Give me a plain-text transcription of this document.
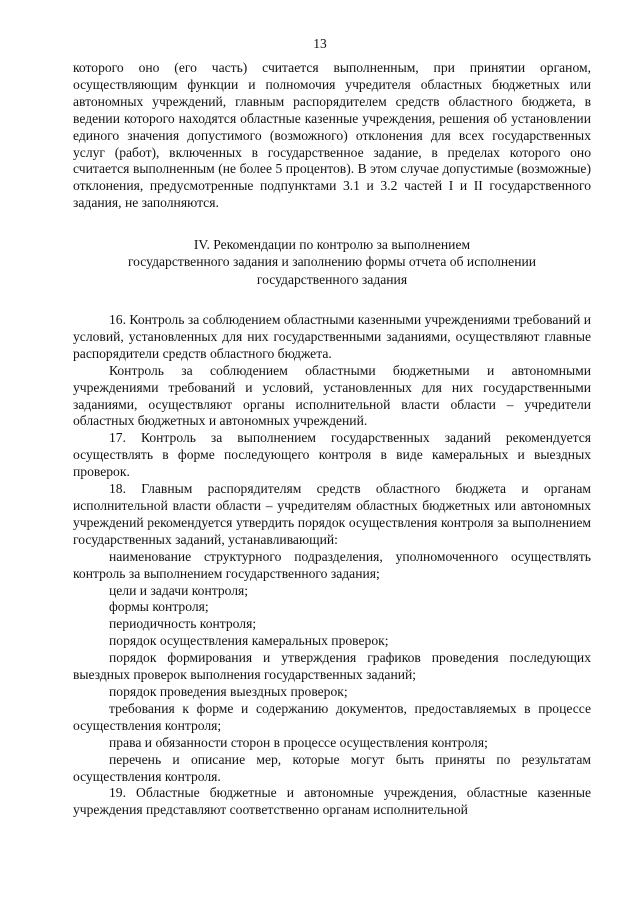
13

которого оно (его часть) считается выполненным, при принятии органом, осуществляющим функции и полномочия учредителя областных бюджетных или автономных учреждений, главным распорядителем средств областного бюджета, в ведении которого находятся областные казенные учреждения, решения об установлении единого значения допустимого (возможного) отклонения для всех государственных услуг (работ), включенных в государственное задание, в пределах которого оно считается выполненным (не более 5 процентов). В этом случае допустимые (возможные) отклонения, предусмотренные подпунктами 3.1 и 3.2 частей I и II государственного задания, не заполняются.

IV. Рекомендации по контролю за выполнением
государственного задания и заполнению формы отчета об исполнении
государственного задания

16. Контроль за соблюдением областными казенными учреждениями требований и условий, установленных для них государственными заданиями, осуществляют главные распорядители средств областного бюджета.

Контроль за соблюдением областными бюджетными и автономными учреждениями требований и условий, установленных для них государственными заданиями, осуществляют органы исполнительной власти области – учредители областных бюджетных и автономных учреждений.

17. Контроль за выполнением государственных заданий рекомендуется осуществлять в форме последующего контроля в виде камеральных и выездных проверок.

18. Главным распорядителям средств областного бюджета и органам исполнительной власти области – учредителям областных бюджетных или автономных учреждений рекомендуется утвердить порядок осуществления контроля за выполнением государственных заданий, устанавливающий:

наименование структурного подразделения, уполномоченного осуществлять контроль за выполнением государственного задания;

цели и задачи контроля;

формы контроля;

периодичность контроля;

порядок осуществления камеральных проверок;

порядок формирования и утверждения графиков проведения последующих выездных проверок выполнения государственных заданий;

порядок проведения выездных проверок;

требования к форме и содержанию документов, предоставляемых в процессе осуществления контроля;

права и обязанности сторон в процессе осуществления контроля;

перечень и описание мер, которые могут быть приняты по результатам осуществления контроля.

19. Областные бюджетные и автономные учреждения, областные казенные учреждения представляют соответственно органам исполнительной
